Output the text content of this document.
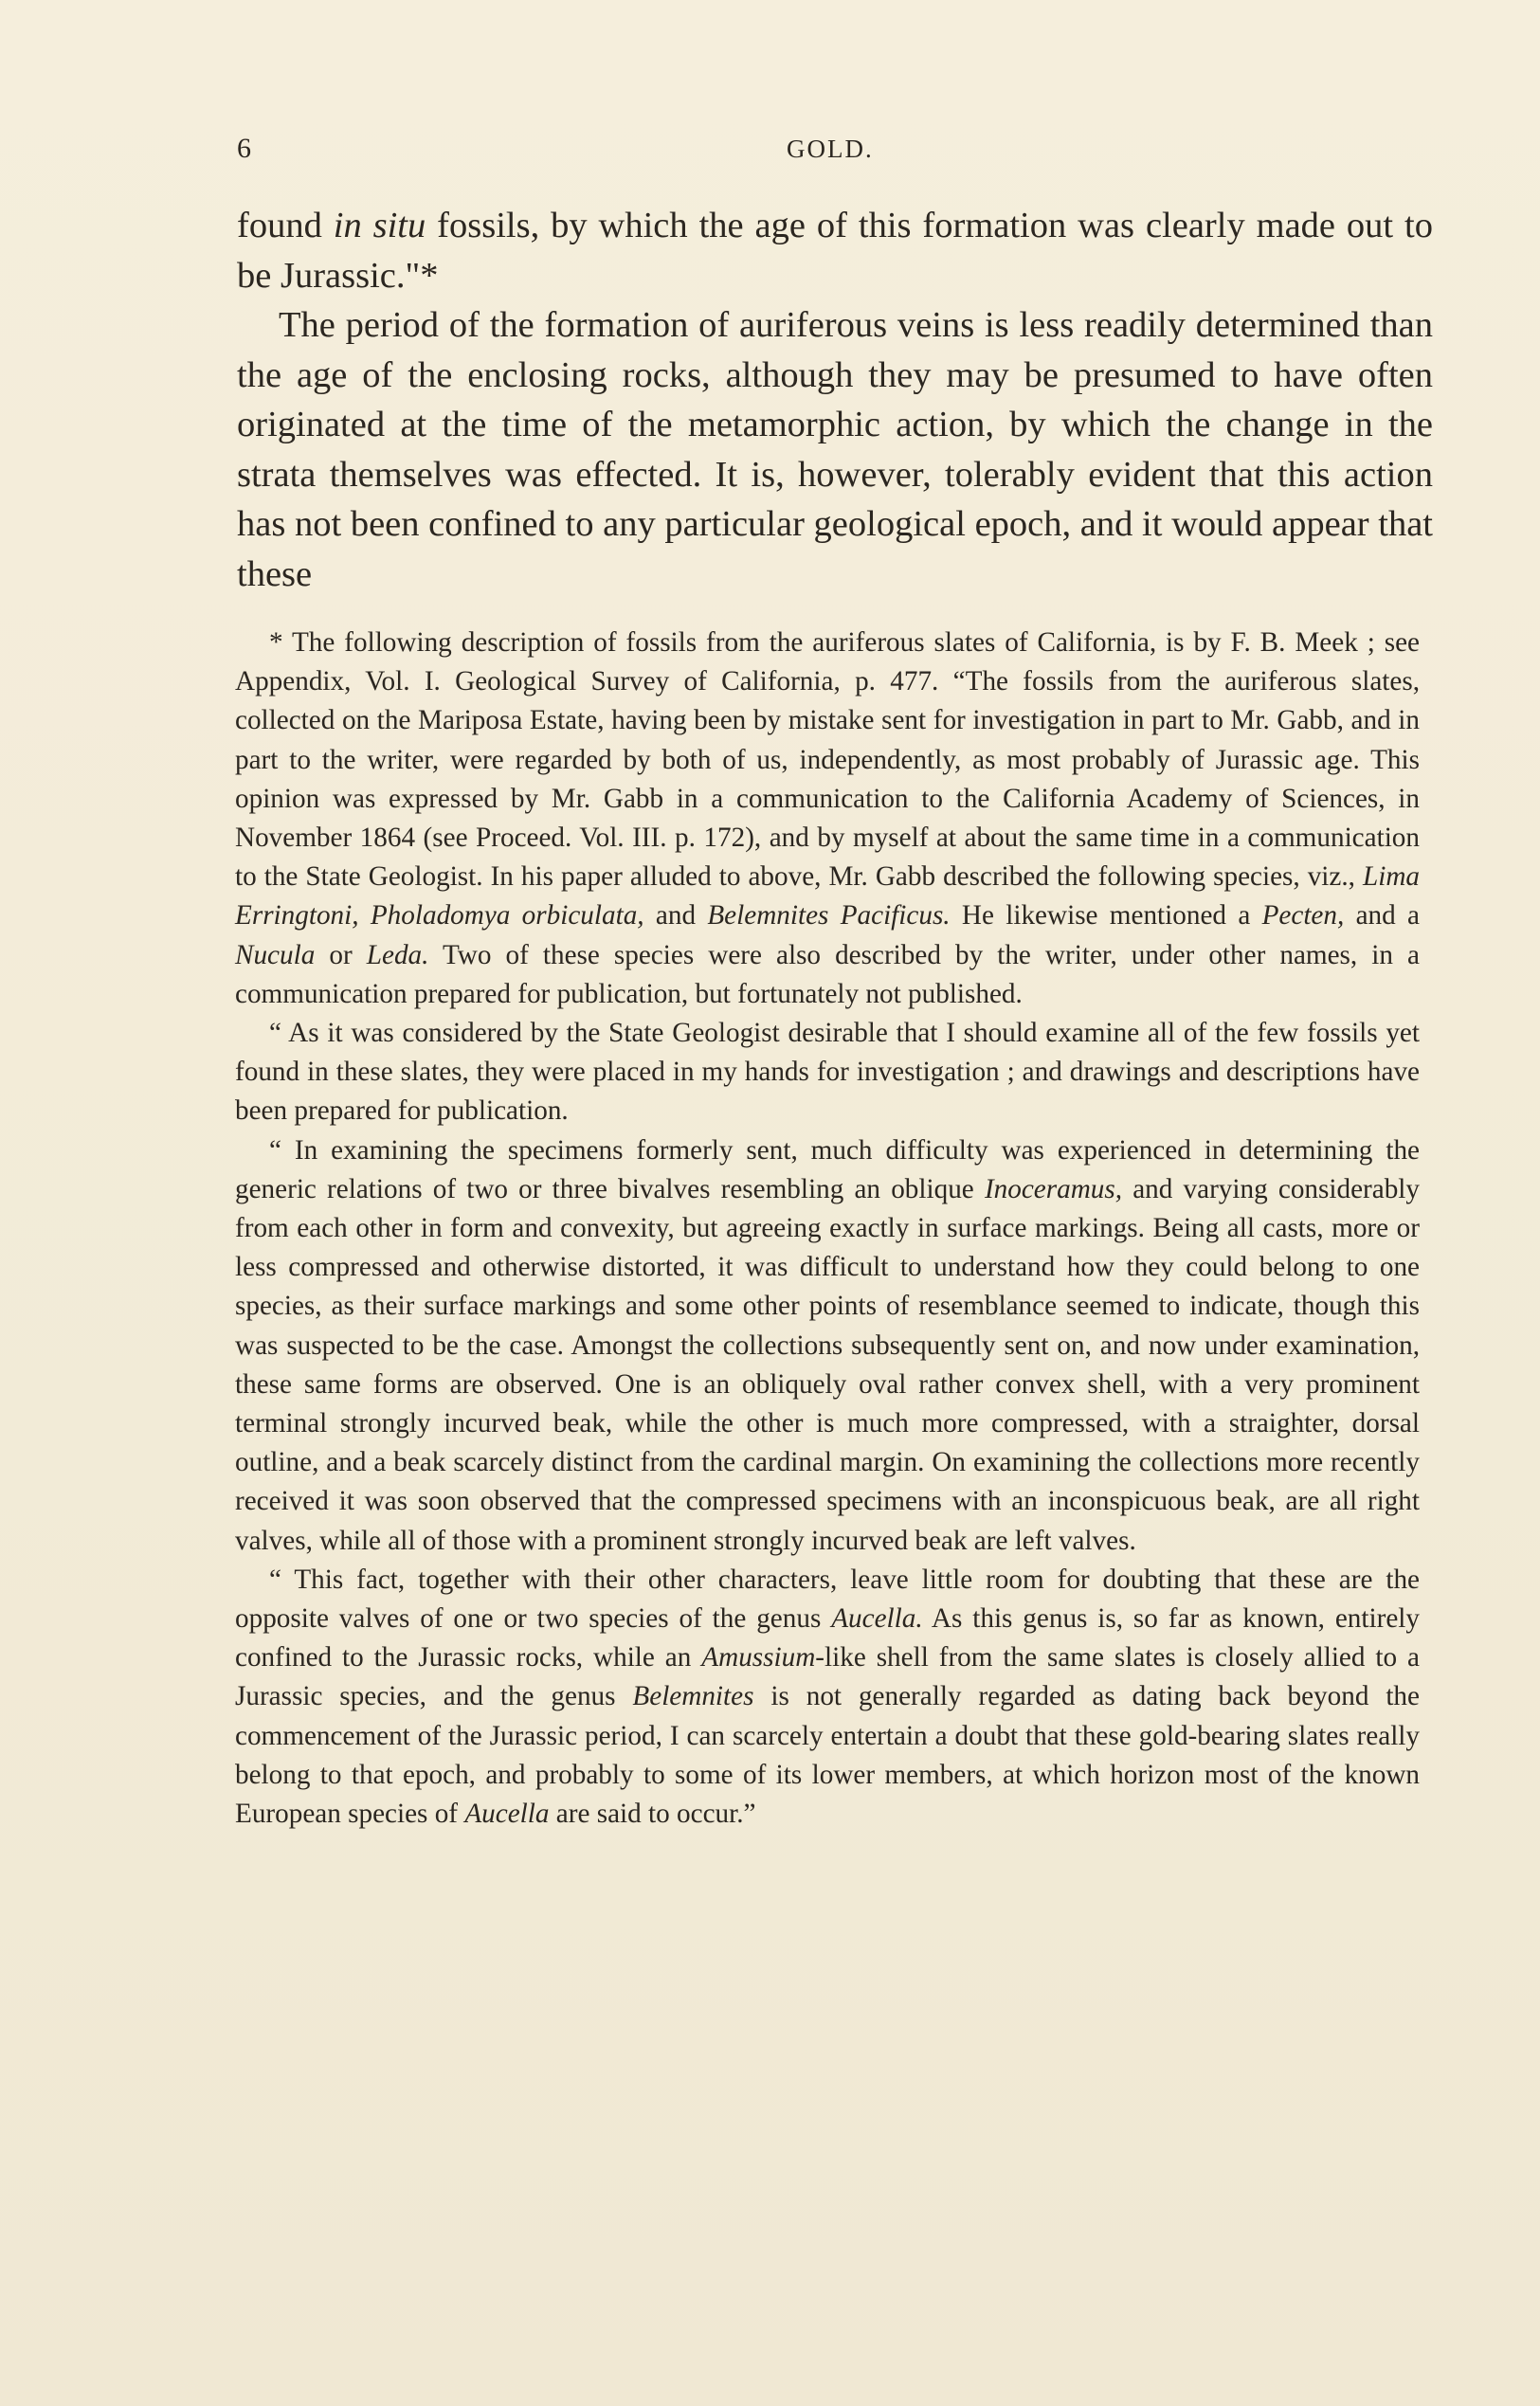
6	GOLD.

found in situ fossils, by which the age of this formation was clearly made out to be Jurassic."*

The period of the formation of auriferous veins is less readily determined than the age of the enclosing rocks, although they may be presumed to have often originated at the time of the metamorphic action, by which the change in the strata themselves was effected. It is, however, tolerably evident that this action has not been confined to any particular geological epoch, and it would appear that these

* The following description of fossils from the auriferous slates of California, is by F. B. Meek ; see Appendix, Vol. I. Geological Survey of California, p. 477. “The fossils from the auriferous slates, collected on the Mariposa Estate, having been by mistake sent for investigation in part to Mr. Gabb, and in part to the writer, were regarded by both of us, independently, as most probably of Jurassic age. This opinion was expressed by Mr. Gabb in a communication to the California Academy of Sciences, in November 1864 (see Proceed. Vol. III. p. 172), and by myself at about the same time in a communication to the State Geologist. In his paper alluded to above, Mr. Gabb described the following species, viz., Lima Erringtoni, Pholadomya orbiculata, and Belemnites Pacificus. He likewise mentioned a Pecten, and a Nucula or Leda. Two of these species were also described by the writer, under other names, in a communication prepared for publication, but fortunately not published.

“ As it was considered by the State Geologist desirable that I should examine all of the few fossils yet found in these slates, they were placed in my hands for investigation ; and drawings and descriptions have been prepared for publication.

“ In examining the specimens formerly sent, much difficulty was experienced in determining the generic relations of two or three bivalves resembling an oblique Inoceramus, and varying considerably from each other in form and convexity, but agreeing exactly in surface markings. Being all casts, more or less compressed and otherwise distorted, it was difficult to understand how they could belong to one species, as their surface markings and some other points of resemblance seemed to indicate, though this was suspected to be the case. Amongst the collections subsequently sent on, and now under examination, these same forms are observed. One is an obliquely oval rather convex shell, with a very prominent terminal strongly incurved beak, while the other is much more compressed, with a straighter, dorsal outline, and a beak scarcely distinct from the cardinal margin. On examining the collections more recently received it was soon observed that the compressed specimens with an inconspicuous beak, are all right valves, while all of those with a prominent strongly incurved beak are left valves.

“ This fact, together with their other characters, leave little room for doubting that these are the opposite valves of one or two species of the genus Aucella. As this genus is, so far as known, entirely confined to the Jurassic rocks, while an Amussium-like shell from the same slates is closely allied to a Jurassic species, and the genus Belemnites is not generally regarded as dating back beyond the commencement of the Jurassic period, I can scarcely entertain a doubt that these gold-bearing slates really belong to that epoch, and probably to some of its lower members, at which horizon most of the known European species of Aucella are said to occur.”
